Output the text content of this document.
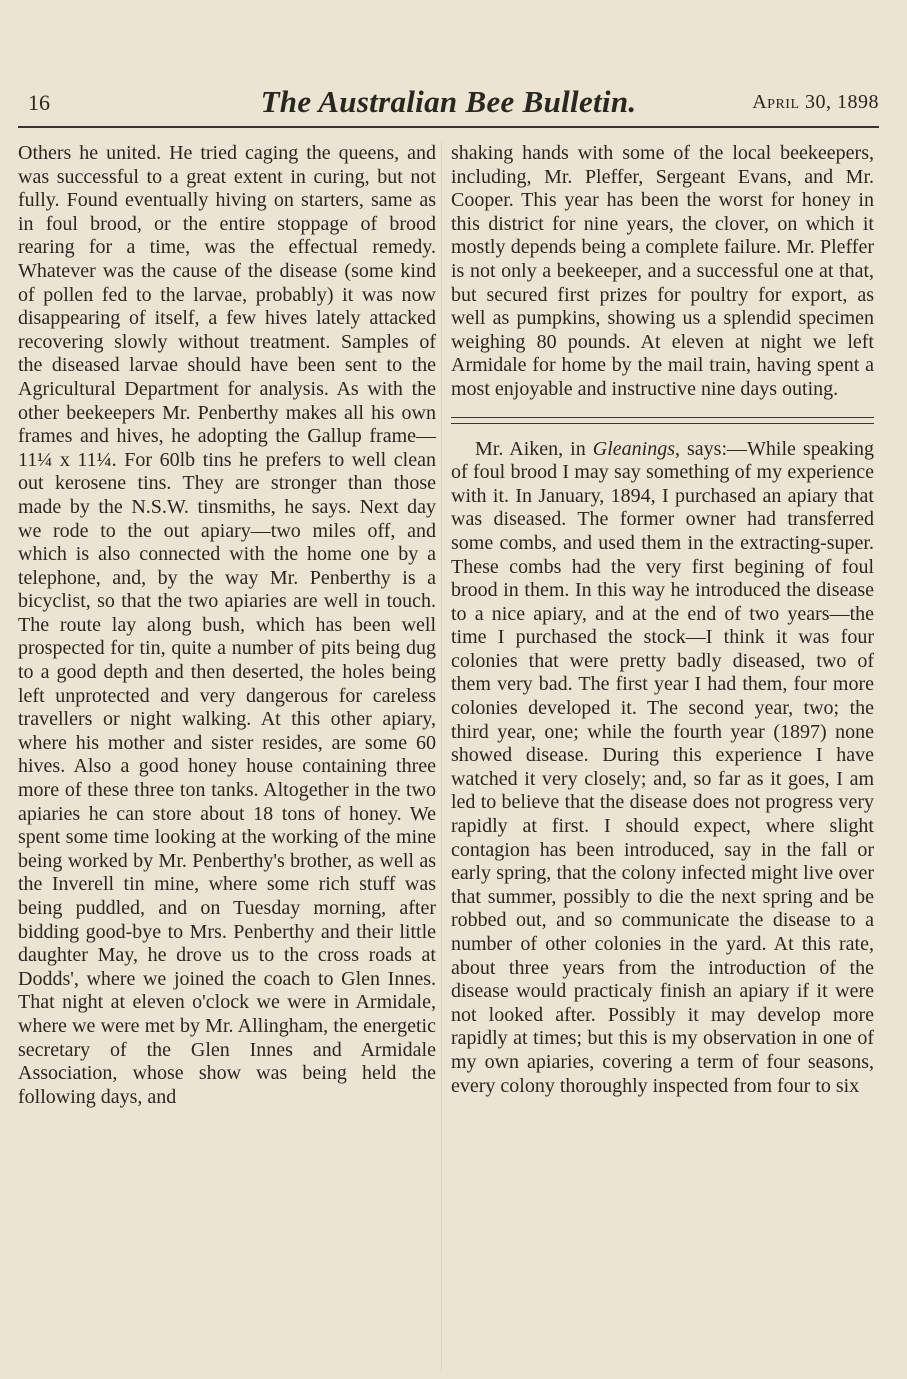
16	The Australian Bee Bulletin.	April 30, 1898

Others he united. He tried caging the queens, and was successful to a great extent in curing, but not fully. Found eventually hiving on starters, same as in foul brood, or the entire stoppage of brood rearing for a time, was the effectual remedy. Whatever was the cause of the disease (some kind of pollen fed to the larvae, probably) it was now disappearing of itself, a few hives lately attacked recovering slowly without treatment. Samples of the diseased larvae should have been sent to the Agricultural Department for analysis. As with the other beekeepers Mr. Penberthy makes all his own frames and hives, he adopting the Gallup frame—11¼ x 11¼. For 60lb tins he prefers to well clean out kerosene tins. They are stronger than those made by the N.S.W. tinsmiths, he says. Next day we rode to the out apiary—two miles off, and which is also connected with the home one by a telephone, and, by the way Mr. Penberthy is a bicyclist, so that the two apiaries are well in touch. The route lay along bush, which has been well prospected for tin, quite a number of pits being dug to a good depth and then deserted, the holes being left unprotected and very dangerous for careless travellers or night walking. At this other apiary, where his mother and sister resides, are some 60 hives. Also a good honey house containing three more of these three ton tanks. Altogether in the two apiaries he can store about 18 tons of honey. We spent some time looking at the working of the mine being worked by Mr. Penberthy's brother, as well as the Inverell tin mine, where some rich stuff was being puddled, and on Tuesday morning, after bidding good-bye to Mrs. Penberthy and their little daughter May, he drove us to the cross roads at Dodds', where we joined the coach to Glen Innes. That night at eleven o'clock we were in Armidale, where we were met by Mr. Allingham, the energetic secretary of the Glen Innes and Armidale Association, whose show was being held the following days, and

shaking hands with some of the local beekeepers, including, Mr. Pleffer, Sergeant Evans, and Mr. Cooper. This year has been the worst for honey in this district for nine years, the clover, on which it mostly depends being a complete failure. Mr. Pleffer is not only a beekeeper, and a successful one at that, but secured first prizes for poultry for export, as well as pumpkins, showing us a splendid specimen weighing 80 pounds. At eleven at night we left Armidale for home by the mail train, having spent a most enjoyable and instructive nine days outing.

Mr. Aiken, in Gleanings, says:—While speaking of foul brood I may say something of my experience with it. In January, 1894, I purchased an apiary that was diseased. The former owner had transferred some combs, and used them in the extracting-super. These combs had the very first begining of foul brood in them. In this way he introduced the disease to a nice apiary, and at the end of two years—the time I purchased the stock—I think it was four colonies that were pretty badly diseased, two of them very bad. The first year I had them, four more colonies developed it. The second year, two; the third year, one; while the fourth year (1897) none showed disease. During this experience I have watched it very closely; and, so far as it goes, I am led to believe that the disease does not progress very rapidly at first. I should expect, where slight contagion has been introduced, say in the fall or early spring, that the colony infected might live over that summer, possibly to die the next spring and be robbed out, and so communicate the disease to a number of other colonies in the yard. At this rate, about three years from the introduction of the disease would practicaly finish an apiary if it were not looked after. Possibly it may develop more rapidly at times; but this is my observation in one of my own apiaries, covering a term of four seasons, every colony thoroughly inspected from four to six
